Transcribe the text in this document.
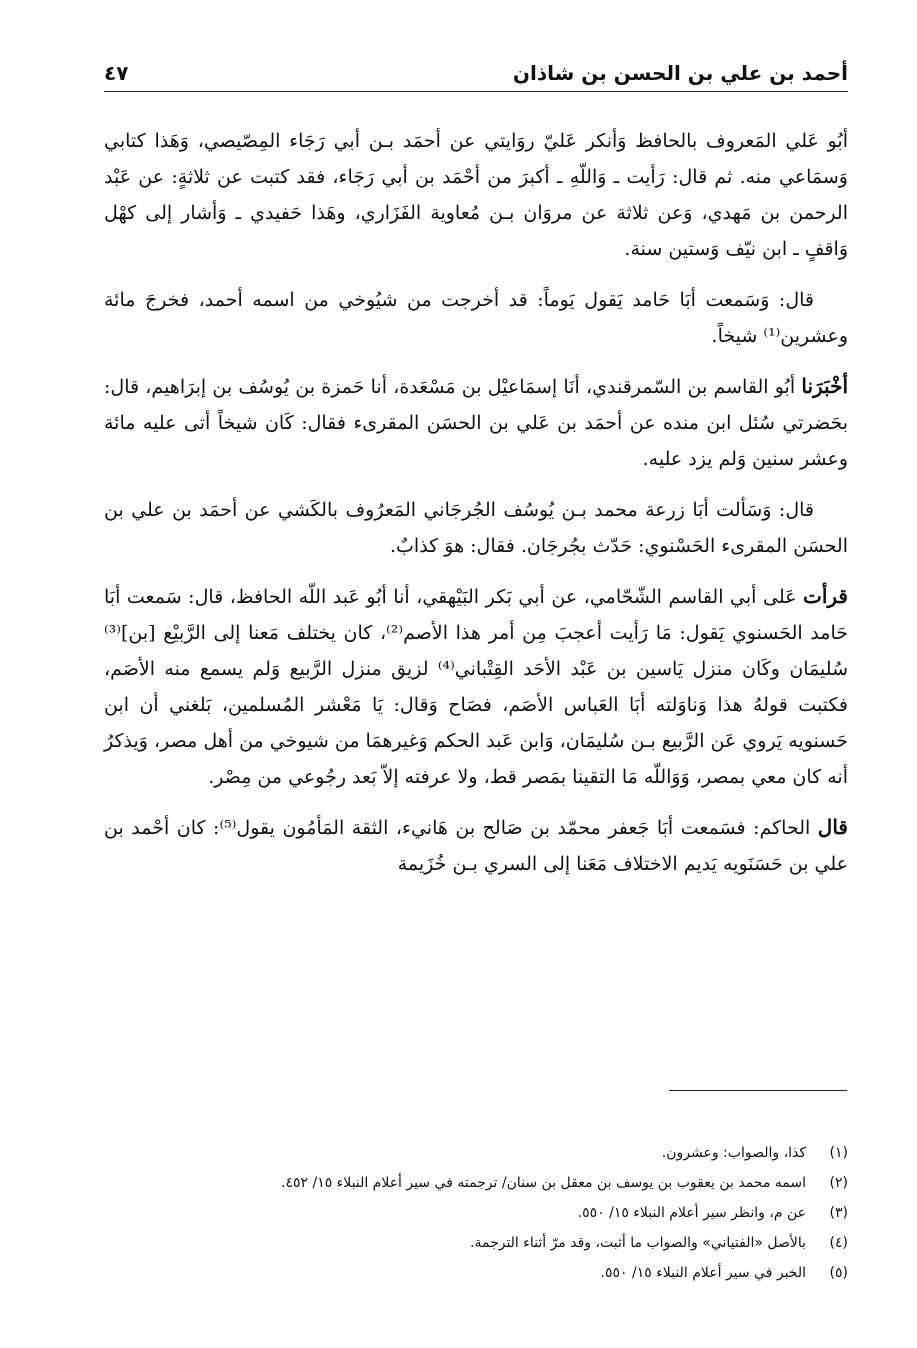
أحمد بن علي بن الحسن بن شاذان
٤٧

أبُو عَلي المَعروف بالحافظ وَأنكر عَليّ روَايتي عن أحمَد بـن أبي رَجَاء المِصّيصي، وَهَذا كتابي وَسمَاعي منه. ثم قال: رَأيت ـ وَاللّهِ ـ أكبرَ من أحْمَد بن أبي رَجَاء، فقد كتبت عن ثلاثةٍ: عن عَبْد الرحمن بن مَهدي، وَعن ثلاثة عن مروَان بـن مُعاوية الفَزَاري، وهَذا حَفيدي ـ وَأشار إلى كهْل وَاقفٍ ـ ابن نيّف وَستين سنة.

قال: وَسَمعت أبَا حَامد يَقول يَوماً: قد أخرجت من شيُوخي من اسمه أحمد، فخرجَ مائة وعشرين⁽¹⁾ شيخاً.

أخْبَرَنا أبُو القاسم بن السّمرقندي، أنَا إسمَاعيْل بن مَسْعَدة، أنا حَمزة بن يُوسُف بن إبرَاهيم، قال: بحَضرتي سُئل ابن منده عن أحمَد بن عَلي بن الحسَن المقرىء فقال: كَان شيخاً أتى عليه مائة وعشر سنين وَلم يزد عليه.

قال: وَسَألت أبَا زرعة محمد بـن يُوسُف الجُرجَاني المَعرُوف بالكَشي عن أحمَد بن علي بن الحسَن المقرىء الحَسْنوي: حَدّث بجُرجَان. فقال: هوَ كذابٌ.

قرأت عَلى أبي القاسم الشّحّامي، عن أبي بَكر البَيْهقي، أنا أبُو عَبد اللّه الحافظ، قال: سَمعت أبَا حَامد الحَسنوي يَقول: مَا رَأيت أعجبَ مِن أمر هذا الأصم⁽²⁾، كان يختلف مَعنا إلى الرَّبيْع [بن]⁽³⁾ سُليمَان وكَان منزل يَاسين بن عَبْد الأحَد القِتْباني⁽⁴⁾ لزيق منزل الرَّبيع وَلم يسمع منه الأصَم، فكتبت قولهُ هذا وَناوَلته أبَا العَباس الأصَم، فصَاح وَقال: يَا مَعْشر المُسلمين، بَلغني أن ابن حَسنويه يَروي عَن الرَّبيع بـن سُليمَان، وَابن عَبد الحكم وَغيرهمَا من شيوخي من أهل مصر، وَيذكرُ أنه كان معي بمصر، وَوَاللّه مَا التقينا بمَصر قط، ولا عرفته إلاّ بَعد رجُوعي من مِصْر.

قال الحاكم: فسَمعت أبَا جَعفر محمّد بن صَالح بن هَانيء، الثقة المَأمُون يقول⁽⁵⁾: كان أحْمد بن علي بن حَسَنَويه يَديم الاختلاف مَعَنا إلى السري بـن خُزَيمة

(١)
كذا، والصواب: وعشرون.
(٢)
اسمه محمد بن يعقوب بن يوسف بن معقل بن سنان/ ترجمته في سير أعلام النبلاء ١٥/ ٤٥٢.
(٣)
عن م، وانظر سير أعلام النبلاء ١٥/ ٥٥٠.
(٤)
بالأصل «الفتياني» والصواب ما أثبت، وقد مرّ أثناء الترجمة.
(٥)
الخبر في سير أعلام النبلاء ١٥/ ٥٥٠.
